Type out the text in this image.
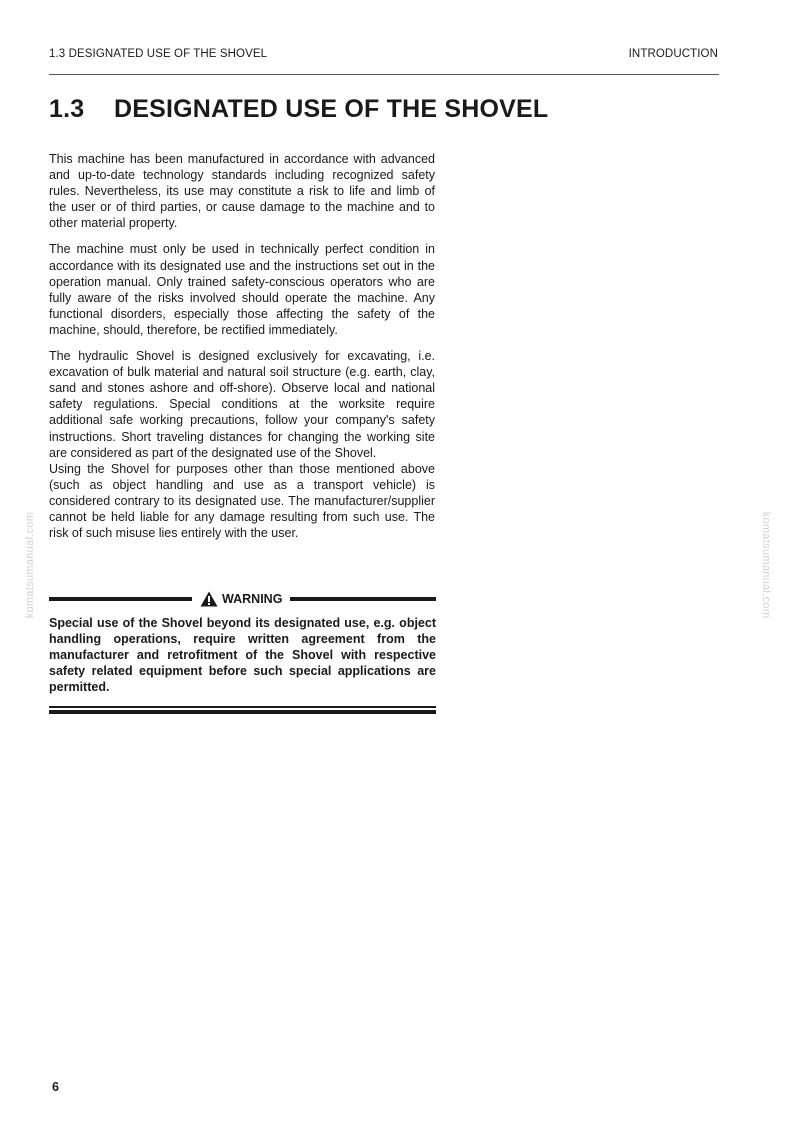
1.3 DESIGNATED USE OF THE SHOVEL	INTRODUCTION
1.3 DESIGNATED USE OF THE SHOVEL

This machine has been manufactured in accordance with advanced and up-to-date technology standards including recognized safety rules. Nevertheless, its use may constitute a risk to life and limb of the user or of third parties, or cause damage to the machine and to other material property.

The machine must only be used in technically perfect condition in accordance with its designated use and the instructions set out in the operation manual. Only trained safety-conscious operators who are fully aware of the risks involved should operate the machine. Any functional disorders, especially those affecting the safety of the machine, should, therefore, be rectified immediately.

The hydraulic Shovel is designed exclusively for excavating, i.e. excavation of bulk material and natural soil structure (e.g. earth, clay, sand and stones ashore and off-shore). Observe local and national safety regulations. Special conditions at the worksite require additional safe working precautions, follow your company's safety instructions. Short traveling distances for changing the working site are considered as part of the designated use of the Shovel.

Using the Shovel for purposes other than those mentioned above (such as object handling and use as a transport vehicle) is considered contrary to its designated use. The manufacturer/supplier cannot be held liable for any damage resulting from such use. The risk of such misuse lies entirely with the user.

WARNING
Special use of the Shovel beyond its designated use, e.g. object handling operations, require written agreement from the manufacturer and retrofitment of the Shovel with respective safety related equipment before such special applications are permitted.
komatsumanual.com	komatsumanual.com
6
